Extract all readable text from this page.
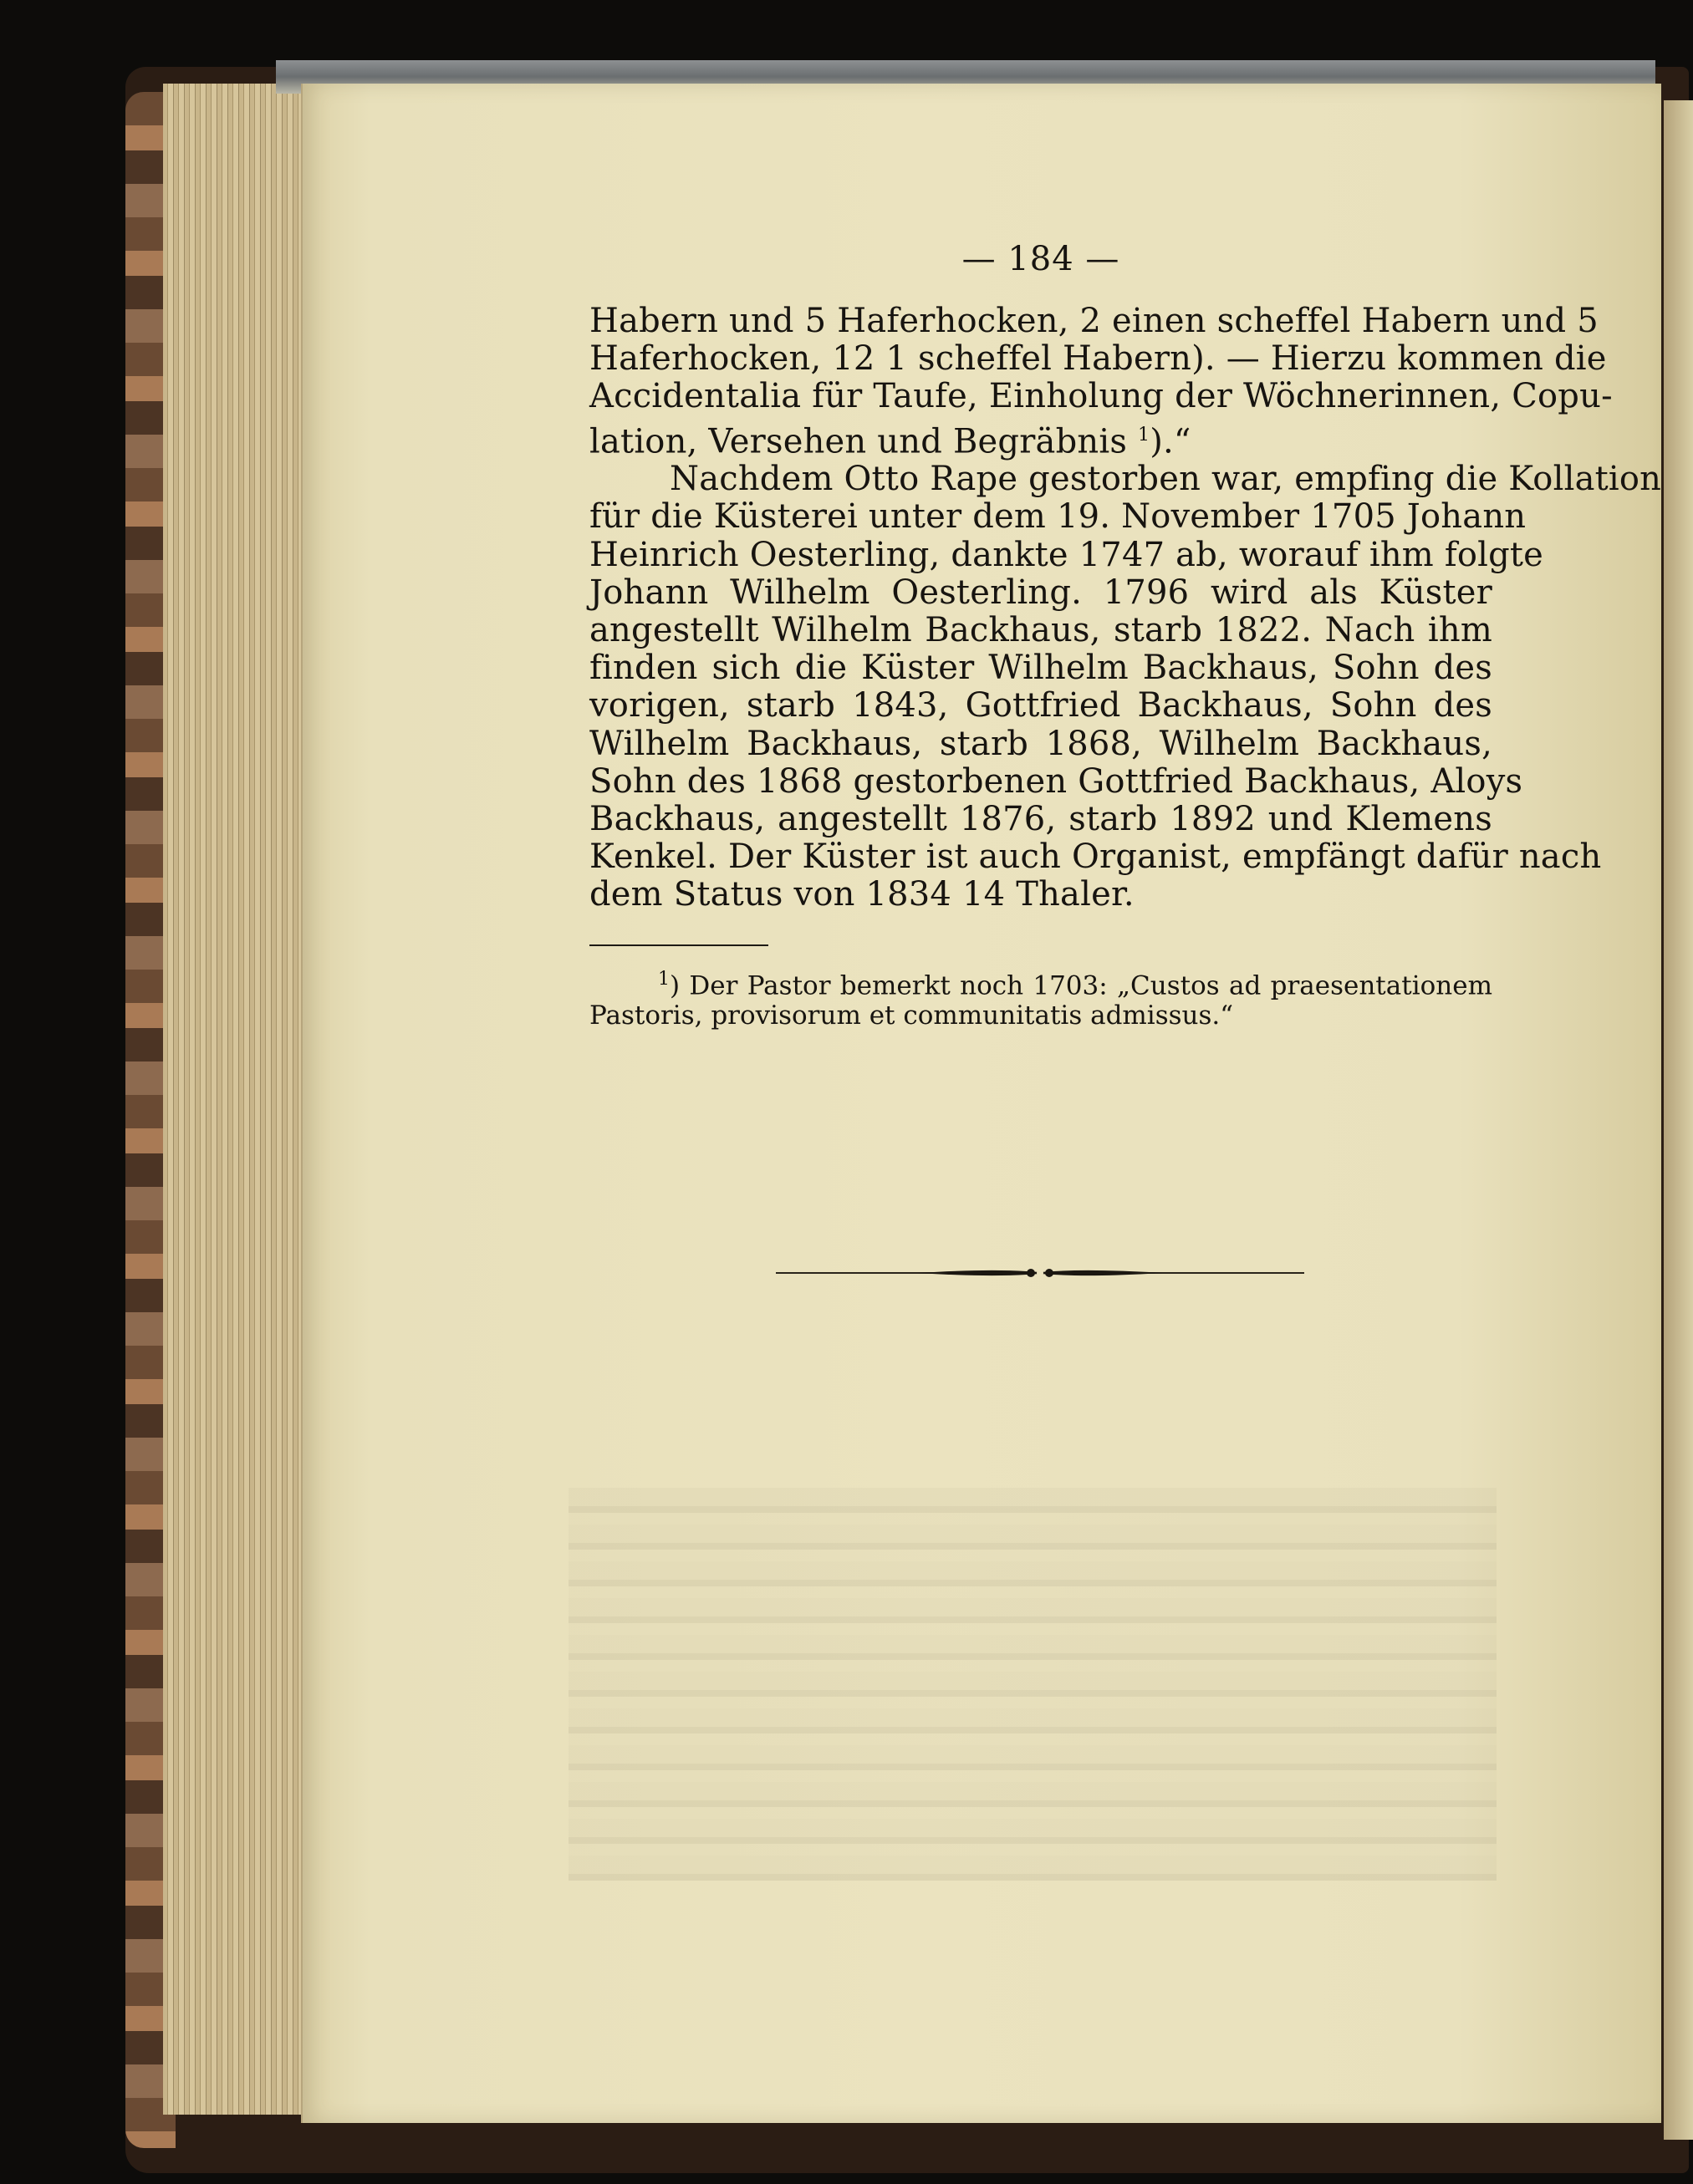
— 184 —
Habern und 5 Haferhocken, 2 einen scheffel Habern und 5
Haferhocken, 12 1 scheffel Habern). — Hierzu kommen die
Accidentalia für Taufe, Einholung der Wöchnerinnen, Copu-
lation, Versehen und Begräbnis $^1$).“
Nachdem Otto Rape gestorben war, empfing die Kollation
für die Küsterei unter dem 19. November 1705 Johann
Heinrich Oesterling, dankte 1747 ab, worauf ihm folgte
Johann Wilhelm Oesterling. 1796 wird als Küster
angestellt Wilhelm Backhaus, starb 1822. Nach ihm
finden sich die Küster Wilhelm Backhaus, Sohn des
vorigen, starb 1843, Gottfried Backhaus, Sohn des
Wilhelm Backhaus, starb 1868, Wilhelm Backhaus,
Sohn des 1868 gestorbenen Gottfried Backhaus, Aloys
Backhaus, angestellt 1876, starb 1892 und Klemens
Kenkel. Der Küster ist auch Organist, empfängt dafür nach
dem Status von 1834 14 Thaler.
$^1$) Der Pastor bemerkt noch 1703: „Custos ad praesentationem
Pastoris, provisorum et communitatis admissus.“
